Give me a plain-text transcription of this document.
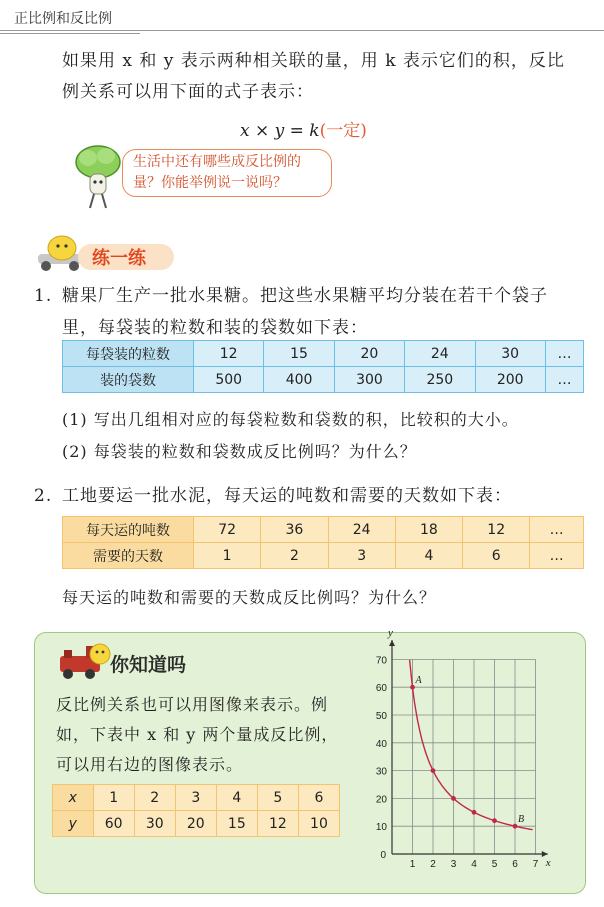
正比例和反比例
如果用 x 和 y 表示两种相关联的量，用 k 表示它们的积，反比例关系可以用下面的式子表示：
x × y = k(一定)
生活中还有哪些成反比例的量？你能举例说一说吗？
练一练
1. 糖果厂生产一批水果糖。把这些水果糖平均分装在若干个袋子里，每袋装的粒数和装的袋数如下表：
每袋装的粒数	12	15	20	24	30	…
装的袋数	500	400	300	250	200	…
(1) 写出几组相对应的每袋粒数和袋数的积，比较积的大小。
(2) 每袋装的粒数和袋数成反比例吗？为什么？
2. 工地要运一批水泥，每天运的吨数和需要的天数如下表：
每天运的吨数	72	36	24	18	12	…
需要的天数	1	2	3	4	6	…
每天运的吨数和需要的天数成反比例吗？为什么？
你知道吗
反比例关系也可以用图像来表示。例如，下表中 x 和 y 两个量成反比例，可以用右边的图像表示。
x	1	2	3	4	5	6
y	60	30	20	15	12	10
1 2 3 4 5 6 7
0
10
20
30
40
50
60
70
x
y
A
B
